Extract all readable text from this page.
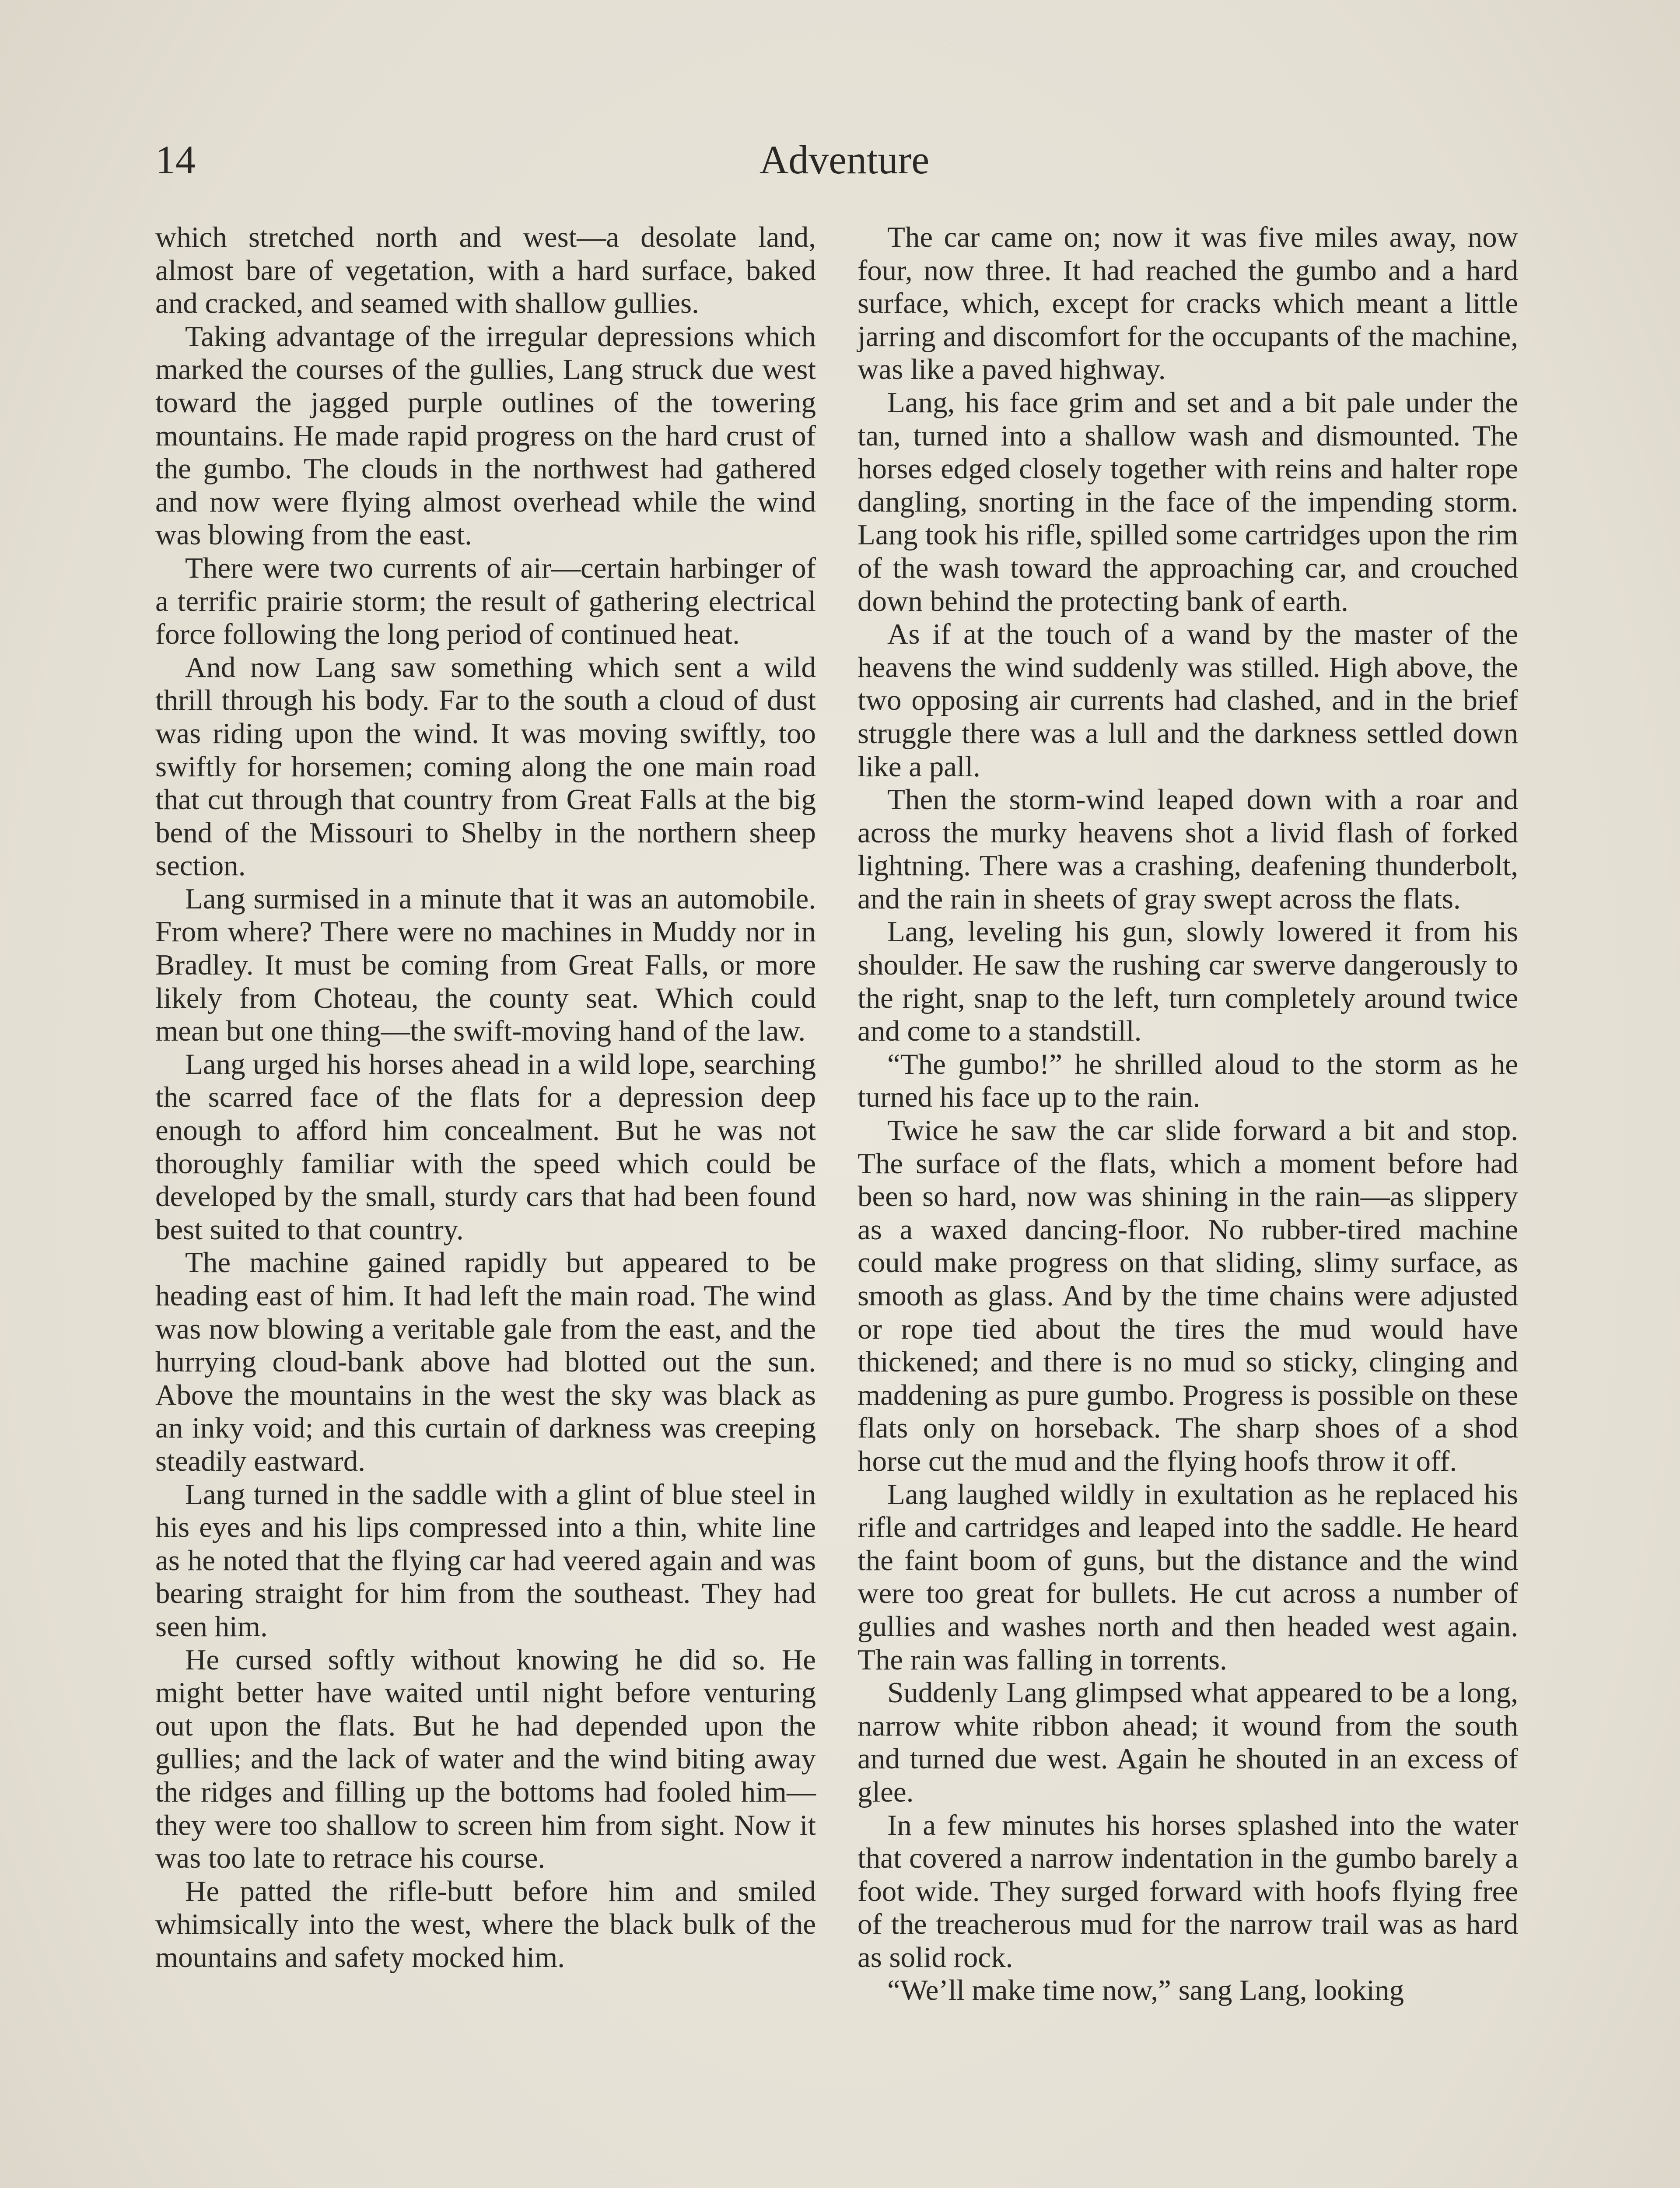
14	Adventure

which stretched north and west—a desolate land, almost bare of vegetation, with a hard surface, baked and cracked, and seamed with shallow gullies.

Taking advantage of the irregular depressions which marked the courses of the gullies, Lang struck due west toward the jagged purple outlines of the towering mountains. He made rapid progress on the hard crust of the gumbo. The clouds in the northwest had gathered and now were flying almost overhead while the wind was blowing from the east.

There were two currents of air—certain harbinger of a terrific prairie storm; the result of gathering electrical force following the long period of continued heat.

And now Lang saw something which sent a wild thrill through his body. Far to the south a cloud of dust was riding upon the wind. It was moving swiftly, too swiftly for horsemen; coming along the one main road that cut through that country from Great Falls at the big bend of the Missouri to Shelby in the northern sheep section.

Lang surmised in a minute that it was an automobile. From where? There were no machines in Muddy nor in Bradley. It must be coming from Great Falls, or more likely from Choteau, the county seat. Which could mean but one thing—the swift-moving hand of the law.

Lang urged his horses ahead in a wild lope, searching the scarred face of the flats for a depression deep enough to afford him concealment. But he was not thoroughly familiar with the speed which could be developed by the small, sturdy cars that had been found best suited to that country.

The machine gained rapidly but appeared to be heading east of him. It had left the main road. The wind was now blowing a veritable gale from the east, and the hurrying cloud-bank above had blotted out the sun. Above the mountains in the west the sky was black as an inky void; and this curtain of darkness was creeping steadily eastward.

Lang turned in the saddle with a glint of blue steel in his eyes and his lips compressed into a thin, white line as he noted that the flying car had veered again and was bearing straight for him from the southeast. They had seen him.

He cursed softly without knowing he did so. He might better have waited until night before venturing out upon the flats. But he had depended upon the gullies; and the lack of water and the wind biting away the ridges and filling up the bottoms had fooled him—they were too shallow to screen him from sight. Now it was too late to retrace his course.

He patted the rifle-butt before him and smiled whimsically into the west, where the black bulk of the mountains and safety mocked him.

The car came on; now it was five miles away, now four, now three. It had reached the gumbo and a hard surface, which, except for cracks which meant a little jarring and discomfort for the occupants of the machine, was like a paved highway.

Lang, his face grim and set and a bit pale under the tan, turned into a shallow wash and dismounted. The horses edged closely together with reins and halter rope dangling, snorting in the face of the impending storm. Lang took his rifle, spilled some cartridges upon the rim of the wash toward the approaching car, and crouched down behind the protecting bank of earth.

As if at the touch of a wand by the master of the heavens the wind suddenly was stilled. High above, the two opposing air currents had clashed, and in the brief struggle there was a lull and the darkness settled down like a pall.

Then the storm-wind leaped down with a roar and across the murky heavens shot a livid flash of forked lightning. There was a crashing, deafening thunderbolt, and the rain in sheets of gray swept across the flats.

Lang, leveling his gun, slowly lowered it from his shoulder. He saw the rushing car swerve dangerously to the right, snap to the left, turn completely around twice and come to a standstill.

“The gumbo!” he shrilled aloud to the storm as he turned his face up to the rain.

Twice he saw the car slide forward a bit and stop. The surface of the flats, which a moment before had been so hard, now was shining in the rain—as slippery as a waxed dancing-floor. No rubber-tired machine could make progress on that sliding, slimy surface, as smooth as glass. And by the time chains were adjusted or rope tied about the tires the mud would have thickened; and there is no mud so sticky, clinging and maddening as pure gumbo. Progress is possible on these flats only on horseback. The sharp shoes of a shod horse cut the mud and the flying hoofs throw it off.

Lang laughed wildly in exultation as he replaced his rifle and cartridges and leaped into the saddle. He heard the faint boom of guns, but the distance and the wind were too great for bullets. He cut across a number of gullies and washes north and then headed west again. The rain was falling in torrents.

Suddenly Lang glimpsed what appeared to be a long, narrow white ribbon ahead; it wound from the south and turned due west. Again he shouted in an excess of glee.

In a few minutes his horses splashed into the water that covered a narrow indentation in the gumbo barely a foot wide. They surged forward with hoofs flying free of the treacherous mud for the narrow trail was as hard as solid rock.

“We’ll make time now,” sang Lang, looking
